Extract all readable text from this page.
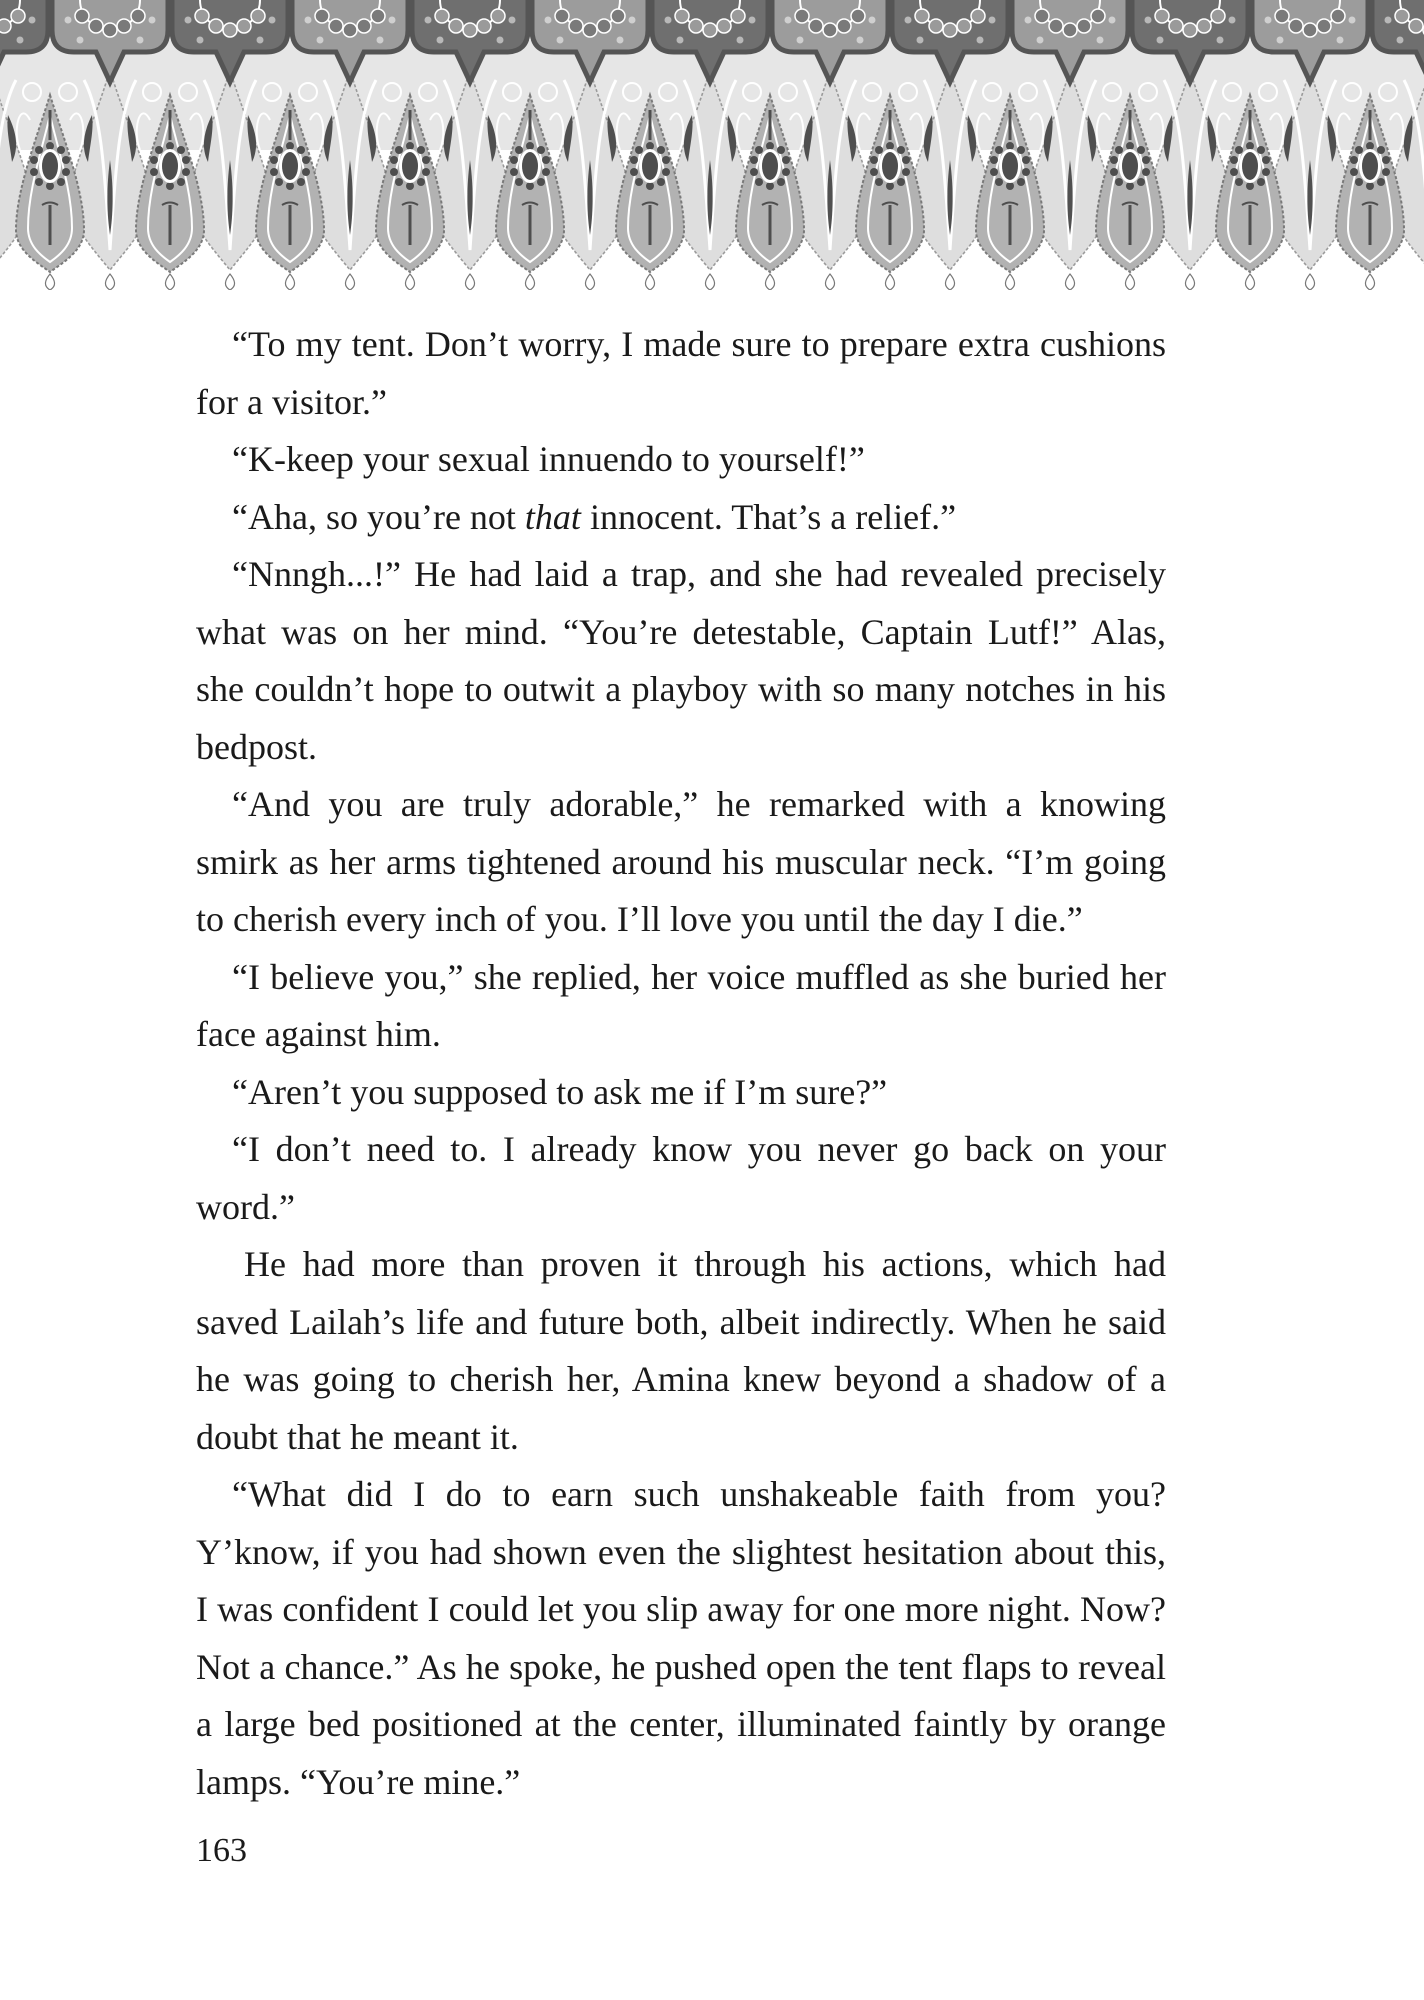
“To my tent. Don’t worry, I made sure to prepare extra cushions for a visitor.”

“K-keep your sexual innuendo to yourself!”

“Aha, so you’re not that innocent. That’s a relief.”

“Nnngh...!” He had laid a trap, and she had revealed precisely what was on her mind. “You’re detestable, Captain Lutf!” Alas, she couldn’t hope to outwit a playboy with so many notches in his bedpost.

“And you are truly adorable,” he remarked with a knowing smirk as her arms tightened around his muscular neck. “I’m going to cherish every inch of you. I’ll love you until the day I die.”

“I believe you,” she replied, her voice muffled as she buried her face against him.

“Aren’t you supposed to ask me if I’m sure?”

“I don’t need to. I already know you never go back on your word.”

He had more than proven it through his actions, which had saved Lailah’s life and future both, albeit indirectly. When he said he was going to cherish her, Amina knew beyond a shadow of a doubt that he meant it.

“What did I do to earn such unshakeable faith from you? Y’know, if you had shown even the slightest hesitation about this, I was confident I could let you slip away for one more night. Now? Not a chance.” As he spoke, he pushed open the tent flaps to reveal a large bed positioned at the center, illuminated faintly by orange lamps. “You’re mine.”

163
